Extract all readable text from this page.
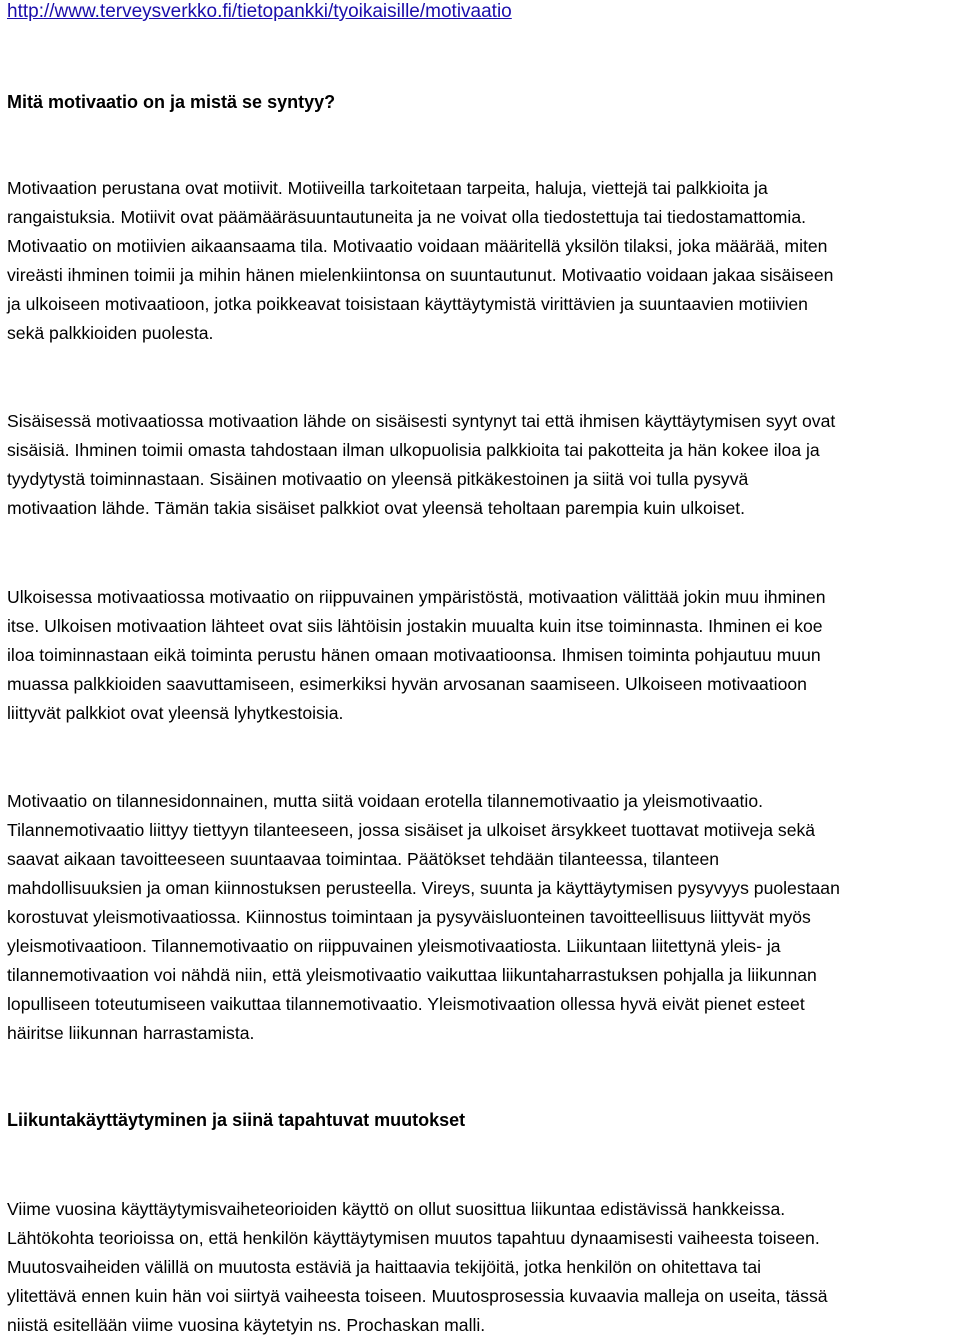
http://www.terveysverkko.fi/tietopankki/tyoikaisille/motivaatio
Mitä motivaatio on ja mistä se syntyy?
Motivaation perustana ovat motiivit. Motiiveilla tarkoitetaan tarpeita, haluja, viettejä tai palkkioita ja
rangaistuksia. Motiivit ovat päämääräsuuntautuneita ja ne voivat olla tiedostettuja tai tiedostamattomia.
Motivaatio on motiivien aikaansaama tila. Motivaatio voidaan määritellä yksilön tilaksi, joka määrää, miten
vireästi ihminen toimii ja mihin hänen mielenkiintonsa on suuntautunut. Motivaatio voidaan jakaa sisäiseen
ja ulkoiseen motivaatioon, jotka poikkeavat toisistaan käyttäytymistä virittävien ja suuntaavien motiivien
sekä palkkioiden puolesta.
Sisäisessä motivaatiossa motivaation lähde on sisäisesti syntynyt tai että ihmisen käyttäytymisen syyt ovat
sisäisiä. Ihminen toimii omasta tahdostaan ilman ulkopuolisia palkkioita tai pakotteita ja hän kokee iloa ja
tyydytystä toiminnastaan. Sisäinen motivaatio on yleensä pitkäkestoinen ja siitä voi tulla pysyvä
motivaation lähde. Tämän takia sisäiset palkkiot ovat yleensä teholtaan parempia kuin ulkoiset.
Ulkoisessa motivaatiossa motivaatio on riippuvainen ympäristöstä, motivaation välittää jokin muu ihminen
itse. Ulkoisen motivaation lähteet ovat siis lähtöisin jostakin muualta kuin itse toiminnasta. Ihminen ei koe
iloa toiminnastaan eikä toiminta perustu hänen omaan motivaatioonsa. Ihmisen toiminta pohjautuu muun
muassa palkkioiden saavuttamiseen, esimerkiksi hyvän arvosanan saamiseen. Ulkoiseen motivaatioon
liittyvät palkkiot ovat yleensä lyhytkestoisia.
Motivaatio on tilannesidonnainen, mutta siitä voidaan erotella tilannemotivaatio ja yleismotivaatio.
Tilannemotivaatio liittyy tiettyyn tilanteeseen, jossa sisäiset ja ulkoiset ärsykkeet tuottavat motiiveja sekä
saavat aikaan tavoitteeseen suuntaavaa toimintaa. Päätökset tehdään tilanteessa, tilanteen
mahdollisuuksien ja oman kiinnostuksen perusteella. Vireys, suunta ja käyttäytymisen pysyvyys puolestaan
korostuvat yleismotivaatiossa. Kiinnostus toimintaan ja pysyväisluonteinen tavoitteellisuus liittyvät myös
yleismotivaatioon. Tilannemotivaatio on riippuvainen yleismotivaatiosta. Liikuntaan liitettynä yleis- ja
tilannemotivaation voi nähdä niin, että yleismotivaatio vaikuttaa liikuntaharrastuksen pohjalla ja liikunnan
lopulliseen toteutumiseen vaikuttaa tilannemotivaatio. Yleismotivaation ollessa hyvä eivät pienet esteet
häiritse liikunnan harrastamista.
Liikuntakäyttäytyminen ja siinä tapahtuvat muutokset
Viime vuosina käyttäytymisvaiheteorioiden käyttö on ollut suosittua liikuntaa edistävissä hankkeissa.
Lähtökohta teorioissa on, että henkilön käyttäytymisen muutos tapahtuu dynaamisesti vaiheesta toiseen.
Muutosvaiheiden välillä on muutosta estäviä ja haittaavia tekijöitä, jotka henkilön on ohitettava tai
ylitettävä ennen kuin hän voi siirtyä vaiheesta toiseen. Muutosprosessia kuvaavia malleja on useita, tässä
niistä esitellään viime vuosina käytetyin ns. Prochaskan malli.
